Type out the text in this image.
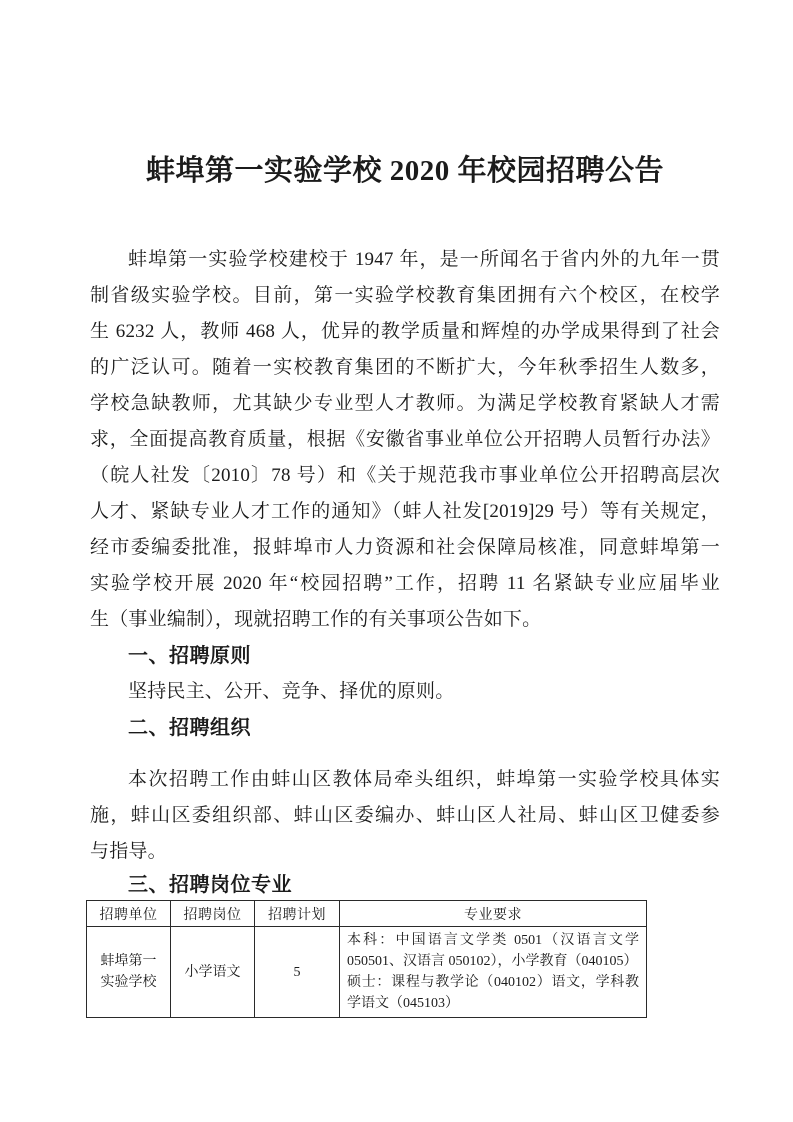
蚌埠第一实验学校 2020 年校园招聘公告
蚌埠第一实验学校建校于 1947 年，是一所闻名于省内外的九年一贯
制省级实验学校。目前，第一实验学校教育集团拥有六个校区，在校学
生 6232 人，教师 468 人，优异的教学质量和辉煌的办学成果得到了社会
的广泛认可。随着一实校教育集团的不断扩大，今年秋季招生人数多，
学校急缺教师，尤其缺少专业型人才教师。为满足学校教育紧缺人才需
求，全面提高教育质量，根据《安徽省事业单位公开招聘人员暂行办法》
（皖人社发〔2010〕78 号）和《关于规范我市事业单位公开招聘高层次
人才、紧缺专业人才工作的通知》（蚌人社发[2019]29 号）等有关规定，
经市委编委批准，报蚌埠市人力资源和社会保障局核准，同意蚌埠第一
实验学校开展 2020 年“校园招聘”工作，招聘 11 名紧缺专业应届毕业
生（事业编制），现就招聘工作的有关事项公告如下。
一、招聘原则
坚持民主、公开、竞争、择优的原则。
二、招聘组织
本次招聘工作由蚌山区教体局牵头组织，蚌埠第一实验学校具体实
施，蚌山区委组织部、蚌山区委编办、蚌山区人社局、蚌山区卫健委参
与指导。
三、招聘岗位专业
招聘单位	招聘岗位	招聘计划	专业要求
蚌埠第一实验学校	小学语文	5	本科：中国语言文学类 0501（汉语言文学 050501、汉语言 050102），小学教育（040105）
硕士：课程与教学论（040102）语文，学科教学语文（045103）
